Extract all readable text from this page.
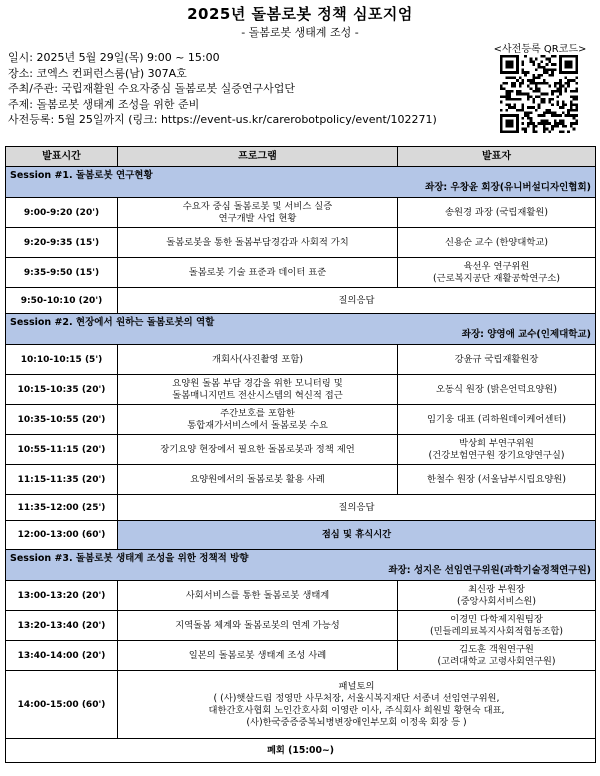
2025년 돌봄로봇 정책 심포지엄
- 돌봄로봇 생태계 조성 -
일시: 2025년 5월 29일(목) 9:00 ~ 15:00
장소: 코엑스 컨퍼런스룸(남) 307A호
주최/주관: 국립재활원 수요자중심 돌봄로봇 실증연구사업단
주제: 돌봄로봇 생태계 조성을 위한 준비
사전등록: 5월 25일까지 (링크: https://event-us.kr/carerobotpolicy/event/102271)
<사전등록 QR코드>
발표시간	프로그램	발표자

Session #1. 돌봄로봇 연구현황
좌장: 우창윤 회장(유니버설디자인협회)		

9:00-9:20 (20')	수요자 중심 돌봄로봇 및 서비스 실증
연구개발 사업 현황	송원경 과장 (국립재활원)

9:20-9:35 (15')	돌봄로봇을 통한 돌봄부담경감과 사회적 가치	신용순 교수 (한양대학교)

9:35-9:50 (15')	돌봄로봇 기술 표준과 데이터 표준	육선우 연구위원
(근로복지공단 재활공학연구소)

9:50-10:10 (20')	질의응답	

Session #2. 현장에서 원하는 돌봄로봇의 역할
좌장: 양영애 교수(인제대학교)		

10:10-10:15 (5')	개회사(사진촬영 포함)	강윤규 국립재활원장

10:15-10:35 (20')	요양원 돌봄 부담 경감을 위한 모니터링 및
돌봄매니지먼트 전산시스템의 혁신적 접근	오동식 원장 (밝은언덕요양원)

10:35-10:55 (20')	주간보호를 포함한
통합재가서비스에서 돌봄로봇 수요	임기웅 대표 (리하원데이케어센터)

10:55-11:15 (20')	장기요양 현장에서 필요한 돌봄로봇과 정책 제언	박상희 부연구위원
(건강보험연구원 장기요양연구실)

11:15-11:35 (20')	요양원에서의 돌봄로봇 활용 사례	한철수 원장 (서울남부시립요양원)

11:35-12:00 (25')	질의응답	
12:00-13:00 (60')	점심 및 휴식시간	

Session #3. 돌봄로봇 생태계 조성을 위한 정책적 방향
좌장: 성지은 선임연구위원(과학기술정책연구원)		

13:00-13:20 (20')	사회서비스를 통한 돌봄로봇 생태계	최신광 부원장
(중앙사회서비스원)

13:20-13:40 (20')	지역돌봄 체계와 돌봄로봇의 연계 가능성	이경민 다학제지원팀장
(민들레의료복지사회적협동조합)

13:40-14:00 (20')	일본의 돌봄로봇 생태계 조성 사례	김도훈 객원연구원
(고려대학교 고령사회연구원)

14:00-15:00 (60')	패널토의
( (사)햇살드림 정영만 사무처장, 서울시복지재단 서종녀 선임연구위원,
대한간호사협회 노인간호사회 이영란 이사, 주식회사 희원빌 황현숙 대표,
(사)한국중증중복뇌병변장애인부모회 이정욱 회장 등 )	

폐회 (15:00~)		
